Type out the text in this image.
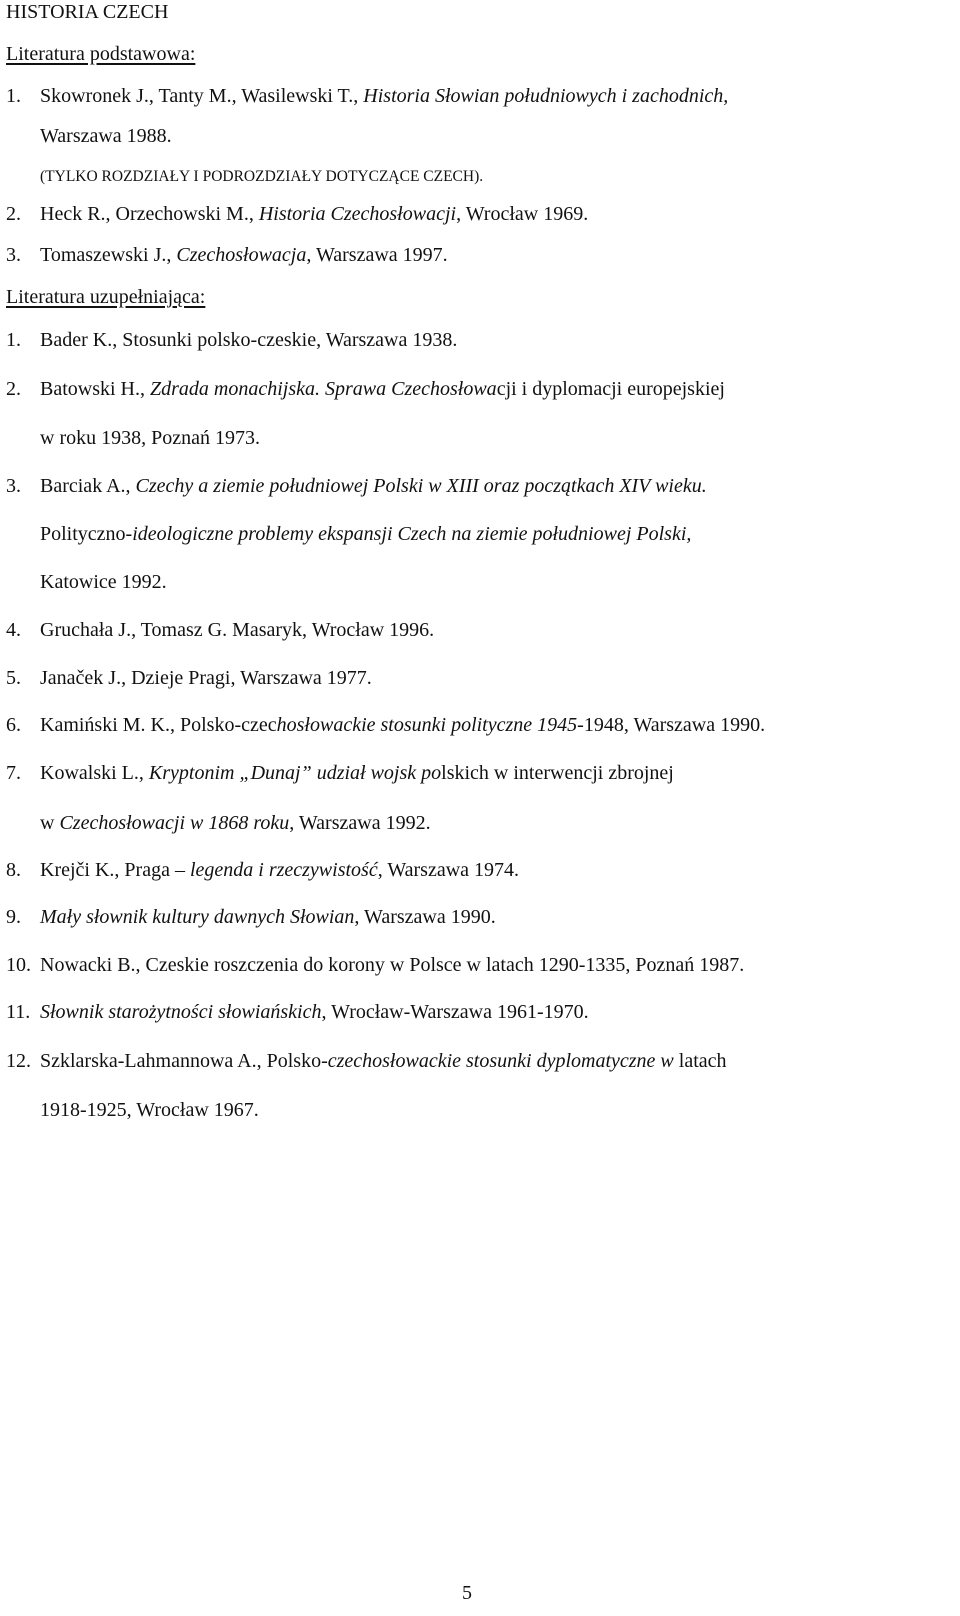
HISTORIA CZECH
Literatura podstawowa:
1. Skowronek J., Tanty M., Wasilewski T., Historia Słowian południowych i zachodnich,
Warszawa 1988.
(TYLKO ROZDZIAŁY I PODROZDZIAŁY DOTYCZĄCE CZECH).
2. Heck R., Orzechowski M., Historia Czechosłowacji, Wrocław 1969.
3. Tomaszewski J., Czechosłowacja, Warszawa 1997.
Literatura uzupełniająca:
1. Bader K., Stosunki polsko-czeskie, Warszawa 1938.
2. Batowski H., Zdrada monachijska. Sprawa Czechosłowacji i dyplomacji europejskiej
w roku 1938, Poznań 1973.
3. Barciak A., Czechy a ziemie południowej Polski w XIII oraz początkach XIV wieku.
Polityczno-ideologiczne problemy ekspansji Czech na ziemie południowej Polski,
Katowice 1992.
4. Gruchała J., Tomasz G. Masaryk, Wrocław 1996.
5. Janaček J., Dzieje Pragi, Warszawa 1977.
6. Kamiński M. K., Polsko-czechosłowackie stosunki polityczne 1945-1948, Warszawa 1990.
7. Kowalski L., Kryptonim „Dunaj” udział wojsk polskich w interwencji zbrojnej
w Czechosłowacji w 1868 roku, Warszawa 1992.
8. Krejči K., Praga – legenda i rzeczywistość, Warszawa 1974.
9. Mały słownik kultury dawnych Słowian, Warszawa 1990.
10. Nowacki B., Czeskie roszczenia do korony w Polsce w latach 1290-1335, Poznań 1987.
11. Słownik starożytności słowiańskich, Wrocław-Warszawa 1961-1970.
12. Szklarska-Lahmannowa A., Polsko-czechosłowackie stosunki dyplomatyczne w latach
1918-1925, Wrocław 1967.
5
